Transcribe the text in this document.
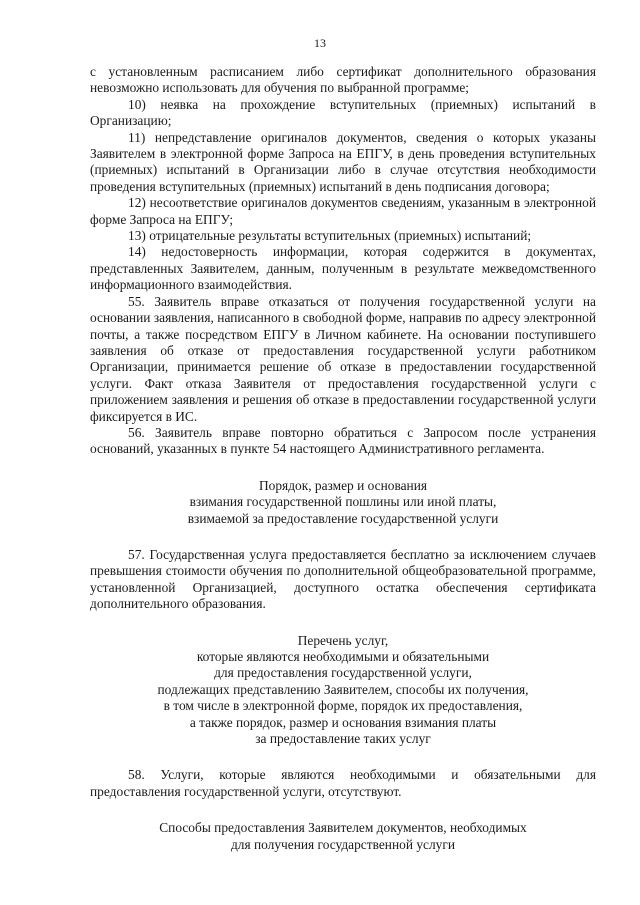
13

с установленным расписанием либо сертификат дополнительного образования невозможно использовать для обучения по выбранной программе;

10) неявка на прохождение вступительных (приемных) испытаний в Организацию;

11) непредставление оригиналов документов, сведения о которых указаны Заявителем в электронной форме Запроса на ЕПГУ, в день проведения вступительных (приемных) испытаний в Организации либо в случае отсутствия необходимости проведения вступительных (приемных) испытаний в день подписания договора;

12) несоответствие оригиналов документов сведениям, указанным в электронной форме Запроса на ЕПГУ;

13) отрицательные результаты вступительных (приемных) испытаний;

14) недостоверность информации, которая содержится в документах, представленных Заявителем, данным, полученным в результате межведомственного информационного взаимодействия.

55. Заявитель вправе отказаться от получения государственной услуги на основании заявления, написанного в свободной форме, направив по адресу электронной почты, а также посредством ЕПГУ в Личном кабинете. На основании поступившего заявления об отказе от предоставления государственной услуги работником Организации, принимается решение об отказе в предоставлении государственной услуги. Факт отказа Заявителя от предоставления государственной услуги с приложением заявления и решения об отказе в предоставлении государственной услуги фиксируется в ИС.

56. Заявитель вправе повторно обратиться с Запросом после устранения оснований, указанных в пункте 54 настоящего Административного регламента.

Порядок, размер и основания

взимания государственной пошлины или иной платы,

взимаемой за предоставление государственной услуги

57. Государственная услуга предоставляется бесплатно за исключением случаев превышения стоимости обучения по дополнительной общеобразовательной программе, установленной Организацией, доступного остатка обеспечения сертификата дополнительного образования.

Перечень услуг,

которые являются необходимыми и обязательными

для предоставления государственной услуги,

подлежащих представлению Заявителем, способы их получения,

в том числе в электронной форме, порядок их предоставления,

а также порядок, размер и основания взимания платы

за предоставление таких услуг

58. Услуги, которые являются необходимыми и обязательными для предоставления государственной услуги, отсутствуют.

Способы предоставления Заявителем документов, необходимых

для получения государственной услуги
